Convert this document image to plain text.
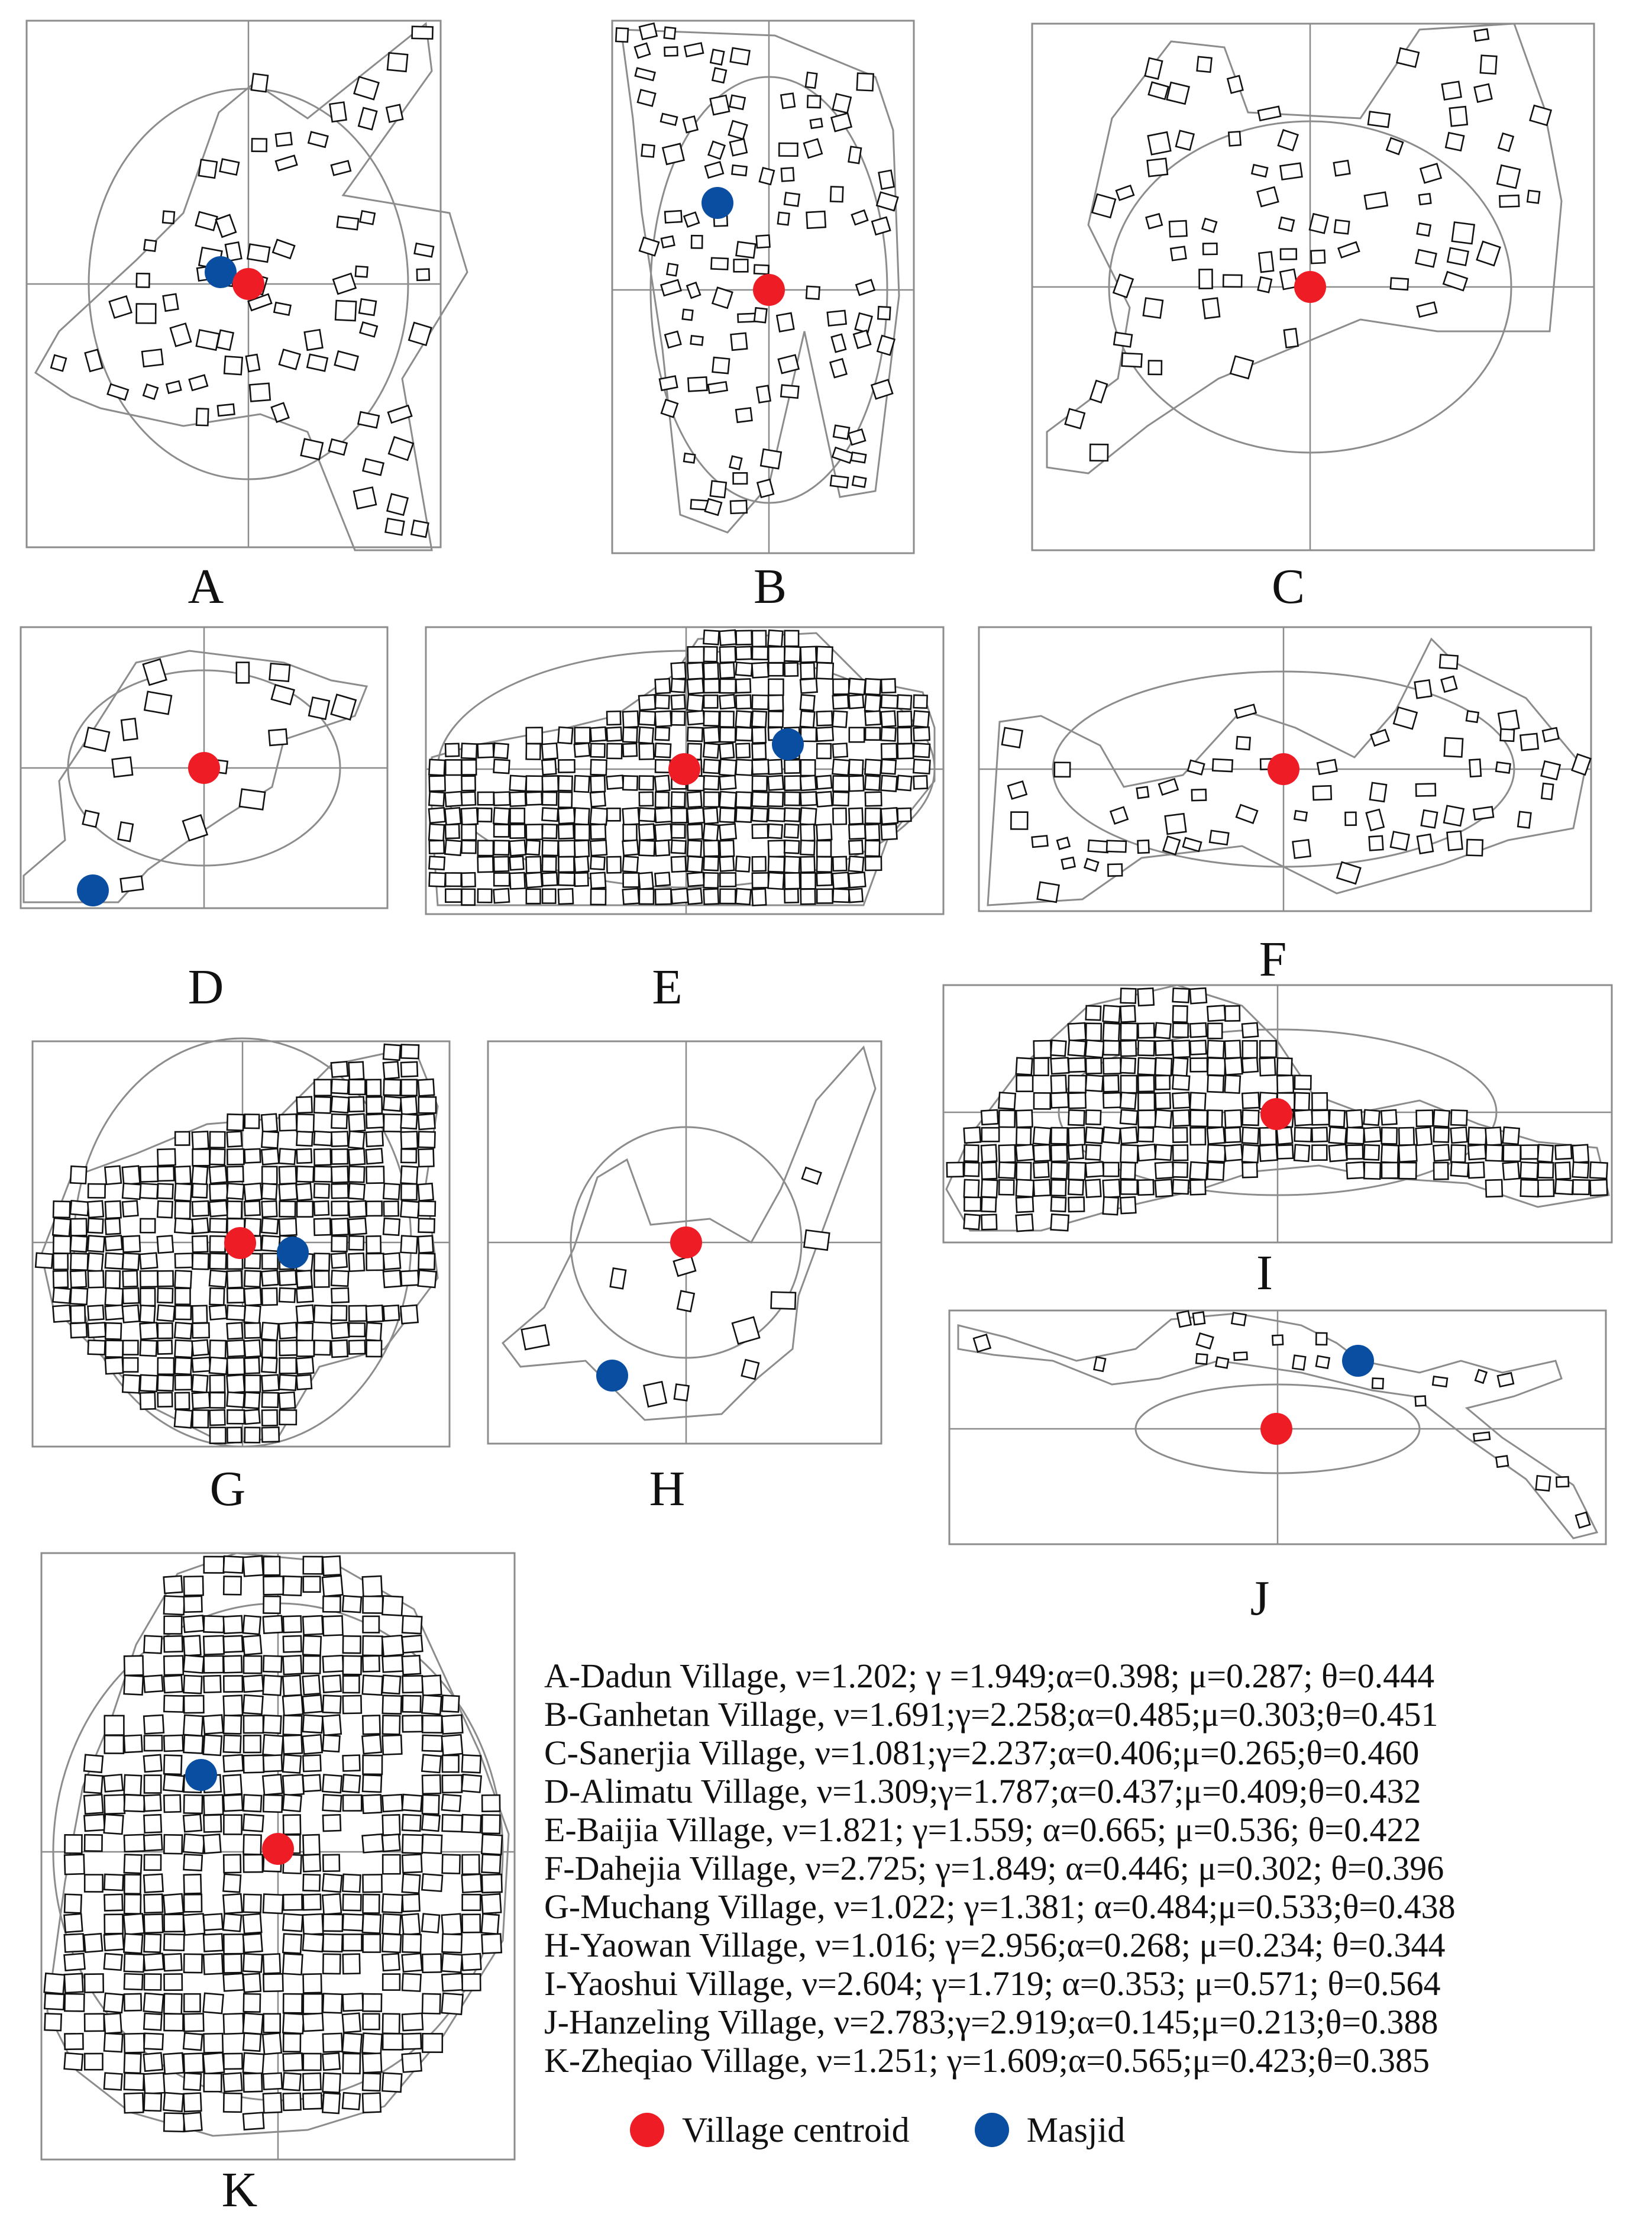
A	B	C
D	E
F
G	H
I
J
K
A-Dadun Village, ν=1.202; γ =1.949;α=0.398; μ=0.287; θ=0.444
B-Ganhetan Village, ν=1.691;γ=2.258;α=0.485;μ=0.303;θ=0.451
C-Sanerjia Village, ν=1.081;γ=2.237;α=0.406;μ=0.265;θ=0.460
D-Alimatu Village, ν=1.309;γ=1.787;α=0.437;μ=0.409;θ=0.432
E-Baijia Village, ν=1.821; γ=1.559; α=0.665; μ=0.536; θ=0.422
F-Dahejia Village, ν=2.725; γ=1.849; α=0.446; μ=0.302; θ=0.396
G-Muchang Village, ν=1.022; γ=1.381; α=0.484;μ=0.533;θ=0.438
H-Yaowan Village, ν=1.016; γ=2.956;α=0.268; μ=0.234; θ=0.344
I-Yaoshui Village, ν=2.604; γ=1.719; α=0.353; μ=0.571; θ=0.564
J-Hanzeling Village, ν=2.783;γ=2.919;α=0.145;μ=0.213;θ=0.388
K-Zheqiao Village, ν=1.251; γ=1.609;α=0.565;μ=0.423;θ=0.385
Village centroid	Masjid
